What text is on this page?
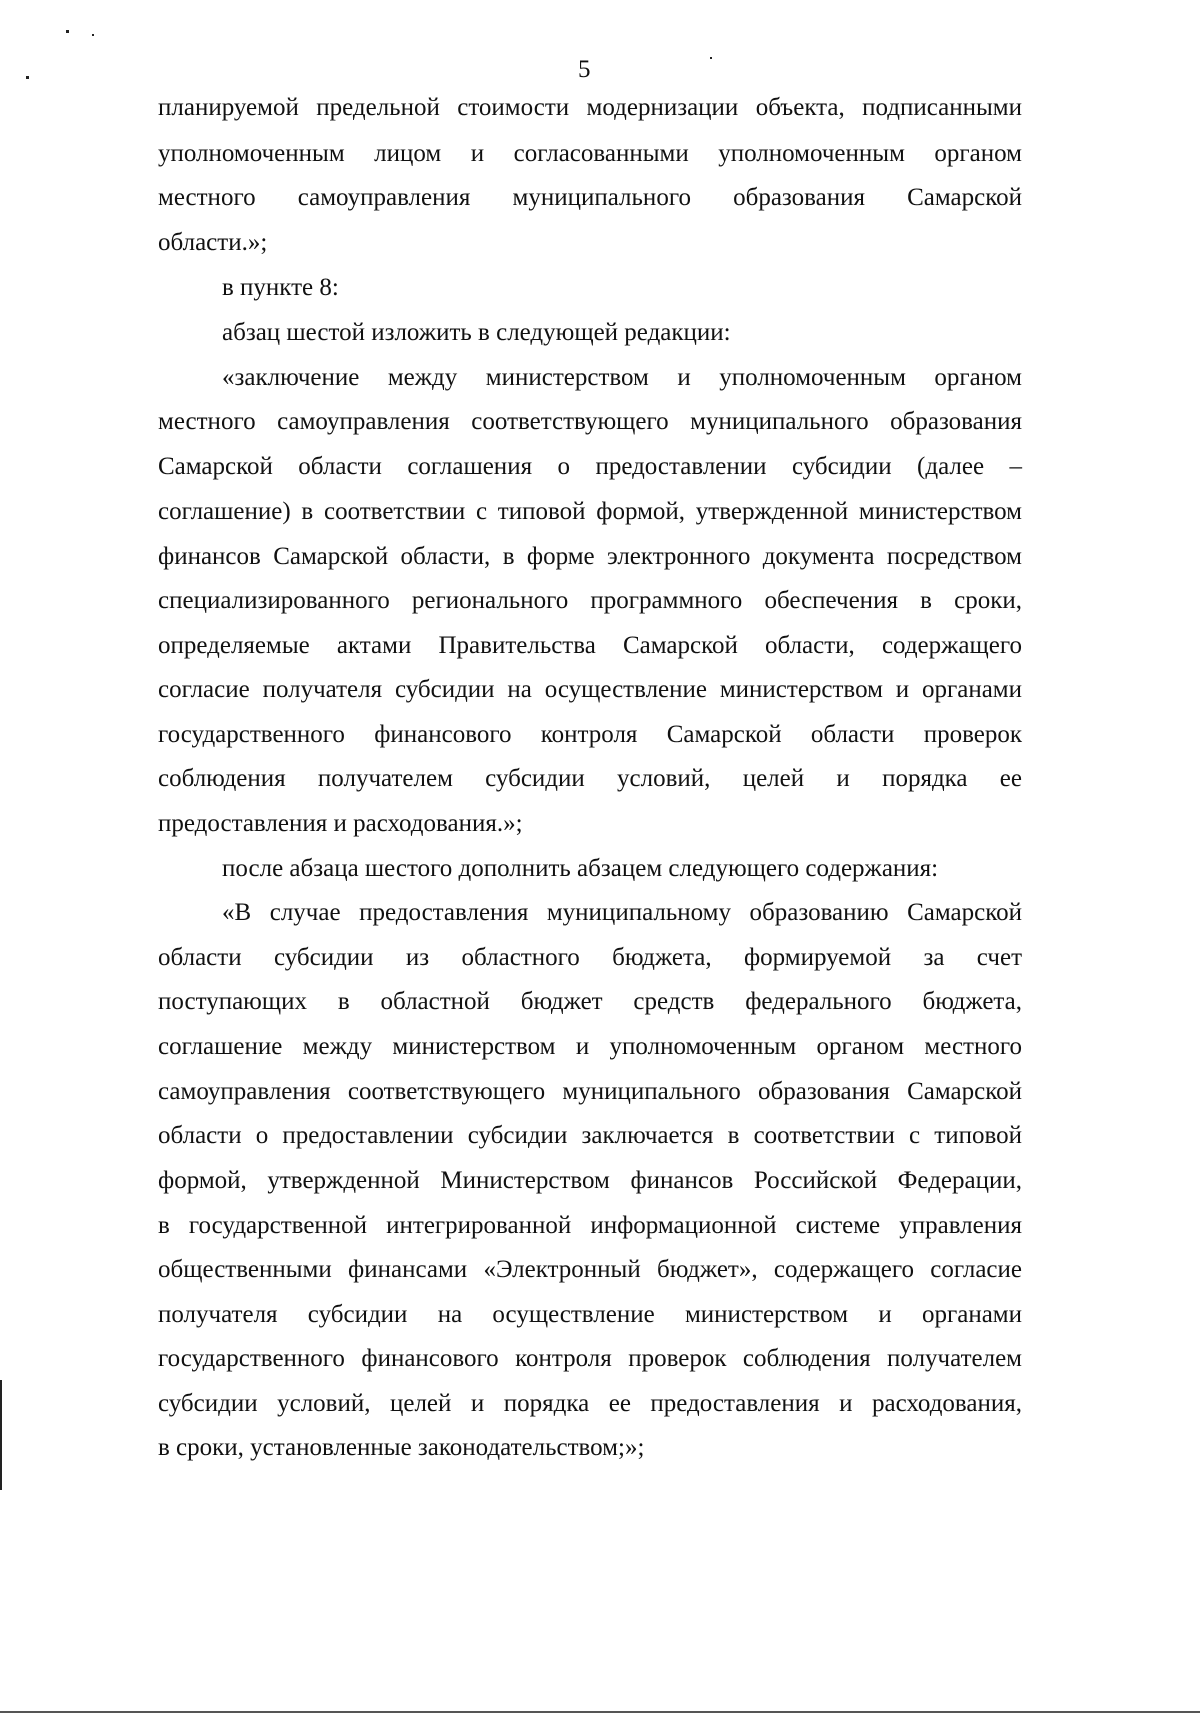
5
планируемой предельной стоимости модернизации объекта, подписанными
уполномоченным лицом и согласованными уполномоченным органом
местного самоуправления муниципального образования Самарской
области.»;
в пункте 8:
абзац шестой изложить в следующей редакции:
«заключение между министерством и уполномоченным органом
местного самоуправления соответствующего муниципального образования
Самарской области соглашения о предоставлении субсидии (далее –
соглашение) в соответствии с типовой формой, утвержденной министерством
финансов Самарской области, в форме электронного документа посредством
специализированного регионального программного обеспечения в сроки,
определяемые актами Правительства Самарской области, содержащего
согласие получателя субсидии на осуществление министерством и органами
государственного финансового контроля Самарской области проверок
соблюдения получателем субсидии условий, целей и порядка ее
предоставления и расходования.»;
после абзаца шестого дополнить абзацем следующего содержания:
«В случае предоставления муниципальному образованию Самарской
области субсидии из областного бюджета, формируемой за счет
поступающих в областной бюджет средств федерального бюджета,
соглашение между министерством и уполномоченным органом местного
самоуправления соответствующего муниципального образования Самарской
области о предоставлении субсидии заключается в соответствии с типовой
формой, утвержденной Министерством финансов Российской Федерации,
в государственной интегрированной информационной системе управления
общественными финансами «Электронный бюджет», содержащего согласие
получателя субсидии на осуществление министерством и органами
государственного финансового контроля проверок соблюдения получателем
субсидии условий, целей и порядка ее предоставления и расходования,
в сроки, установленные законодательством;»;
